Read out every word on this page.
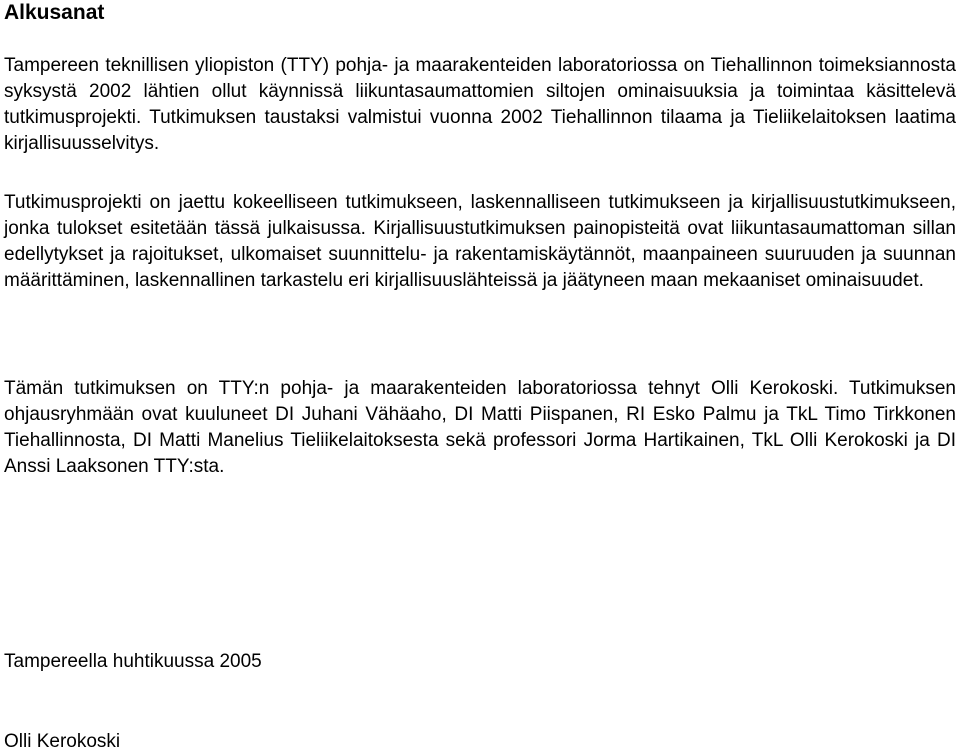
Alkusanat

Tampereen teknillisen yliopiston (TTY) pohja- ja maarakenteiden laboratoriossa on Tiehallinnon toimeksiannosta syksystä 2002 lähtien ollut käynnissä liikuntasaumattomien siltojen ominaisuuksia ja toimintaa käsittelevä tutkimusprojekti. Tutkimuksen taustaksi valmistui vuonna 2002 Tiehallinnon tilaama ja Tieliikelaitoksen laatima kirjallisuusselvitys.

Tutkimusprojekti on jaettu kokeelliseen tutkimukseen, laskennalliseen tutkimukseen ja kirjallisuustutkimukseen, jonka tulokset esitetään tässä julkaisussa. Kirjallisuustutkimuksen painopisteitä ovat liikuntasaumattoman sillan edellytykset ja rajoitukset, ulkomaiset suunnittelu- ja rakentamiskäytännöt, maanpaineen suuruuden ja suunnan määrittäminen, laskennallinen tarkastelu eri kirjallisuuslähteissä ja jäätyneen maan mekaaniset ominaisuudet.

Tämän tutkimuksen on TTY:n pohja- ja maarakenteiden laboratoriossa tehnyt Olli Kerokoski. Tutkimuksen ohjausryhmään ovat kuuluneet DI Juhani Vähäaho, DI Matti Piispanen, RI Esko Palmu ja TkL Timo Tirkkonen Tiehallinnosta, DI Matti Manelius Tieliikelaitoksesta sekä professori Jorma Hartikainen, TkL Olli Kerokoski ja DI Anssi Laaksonen TTY:sta.

Tampereella huhtikuussa 2005

Olli Kerokoski
